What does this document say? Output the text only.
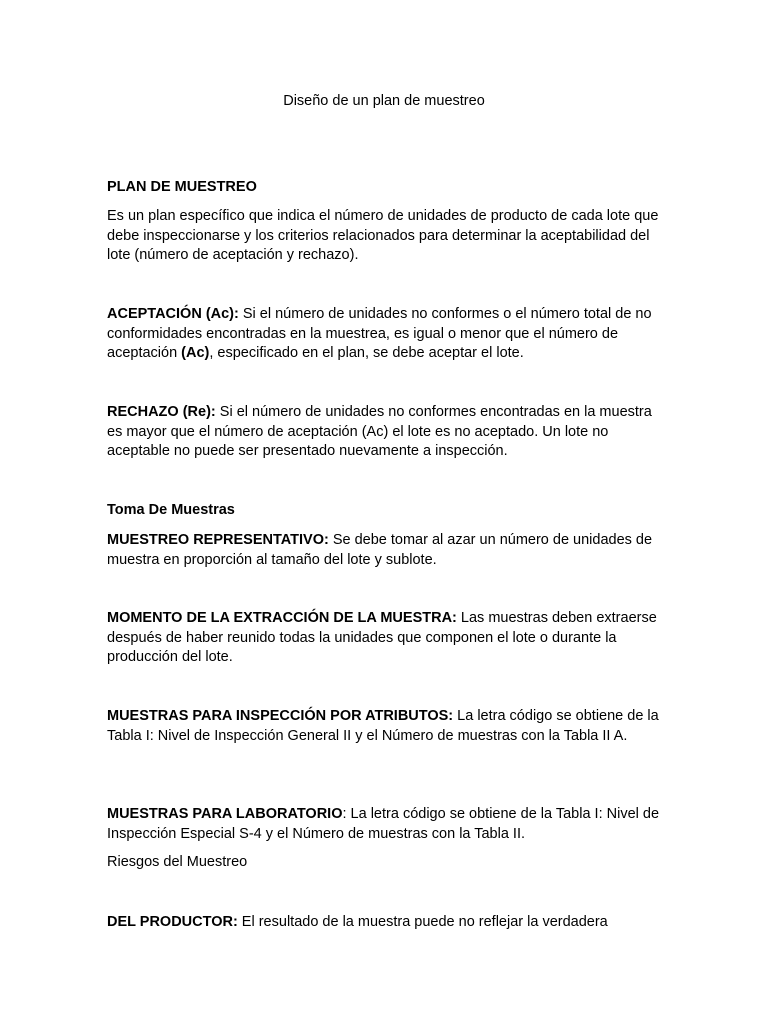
Diseño de un plan de muestreo

PLAN DE MUESTREO

Es un plan específico que indica el número de unidades de producto de cada lote que debe inspeccionarse y los criterios relacionados para determinar la aceptabilidad del lote (número de aceptación y rechazo).

ACEPTACIÓN (Ac): Si el número de unidades no conformes o el número total de no conformidades encontradas en la muestrea, es igual o menor que el número de aceptación (Ac), especificado en el plan, se debe aceptar el lote.

RECHAZO (Re): Si el número de unidades no conformes encontradas en la muestra es mayor que el número de aceptación (Ac) el lote es no aceptado. Un lote no aceptable no puede ser presentado nuevamente a inspección.

Toma De Muestras

MUESTREO REPRESENTATIVO: Se debe tomar al azar un número de unidades de muestra en proporción al tamaño del lote y sublote.

MOMENTO DE LA EXTRACCIÓN DE LA MUESTRA: Las muestras deben extraerse después de haber reunido todas la unidades que componen el lote o durante la producción del lote.

MUESTRAS PARA INSPECCIÓN POR ATRIBUTOS: La letra código se obtiene de la Tabla I: Nivel de Inspección General II y el Número de muestras con la Tabla II A.

MUESTRAS PARA LABORATORIO: La letra código se obtiene de la Tabla I: Nivel de Inspección Especial S-4 y el Número de muestras con la Tabla II.

Riesgos del Muestreo

DEL PRODUCTOR: El resultado de la muestra puede no reflejar la verdadera
